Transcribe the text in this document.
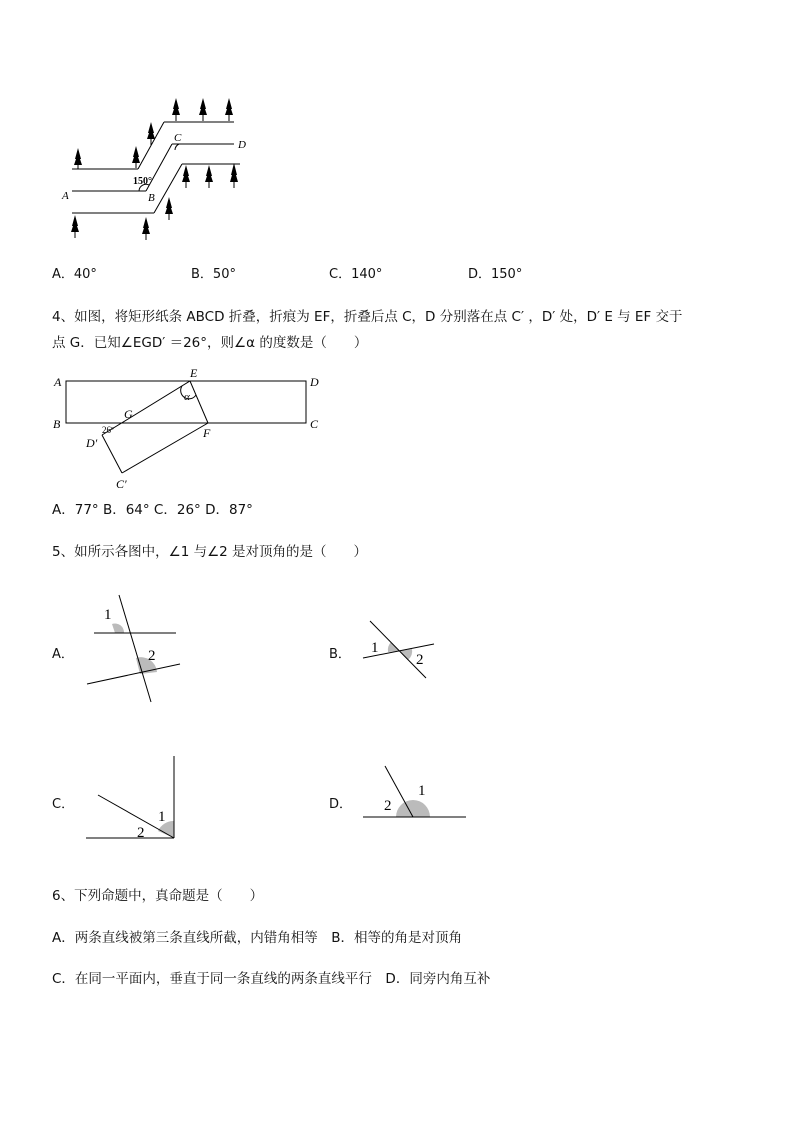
150°
A	B
C
D
A．40°	B．50°	C．140°	D．150°
4、如图，将矩形纸条 ABCD 折叠，折痕为 EF，折叠后点 C，D 分别落在点 C′ ，D′ 处，D′ E 与 EF 交于
点 G．已知∠EGD′ ＝26°，则∠α 的度数是（　　）
A
B
D
C
E
F
G
D′
C′
α
26º
A．77° B．64° C．26° D．87°
5、如所示各图中，∠1 与∠2 是对顶角的是（　　）
A．
1
2	B． 1
2
C．
1
2
D．
1
2
6、下列命题中，真命题是（　　）
A．两条直线被第三条直线所截，内错角相等　B．相等的角是对顶角
C．在同一平面内，垂直于同一条直线的两条直线平行　D．同旁内角互补
